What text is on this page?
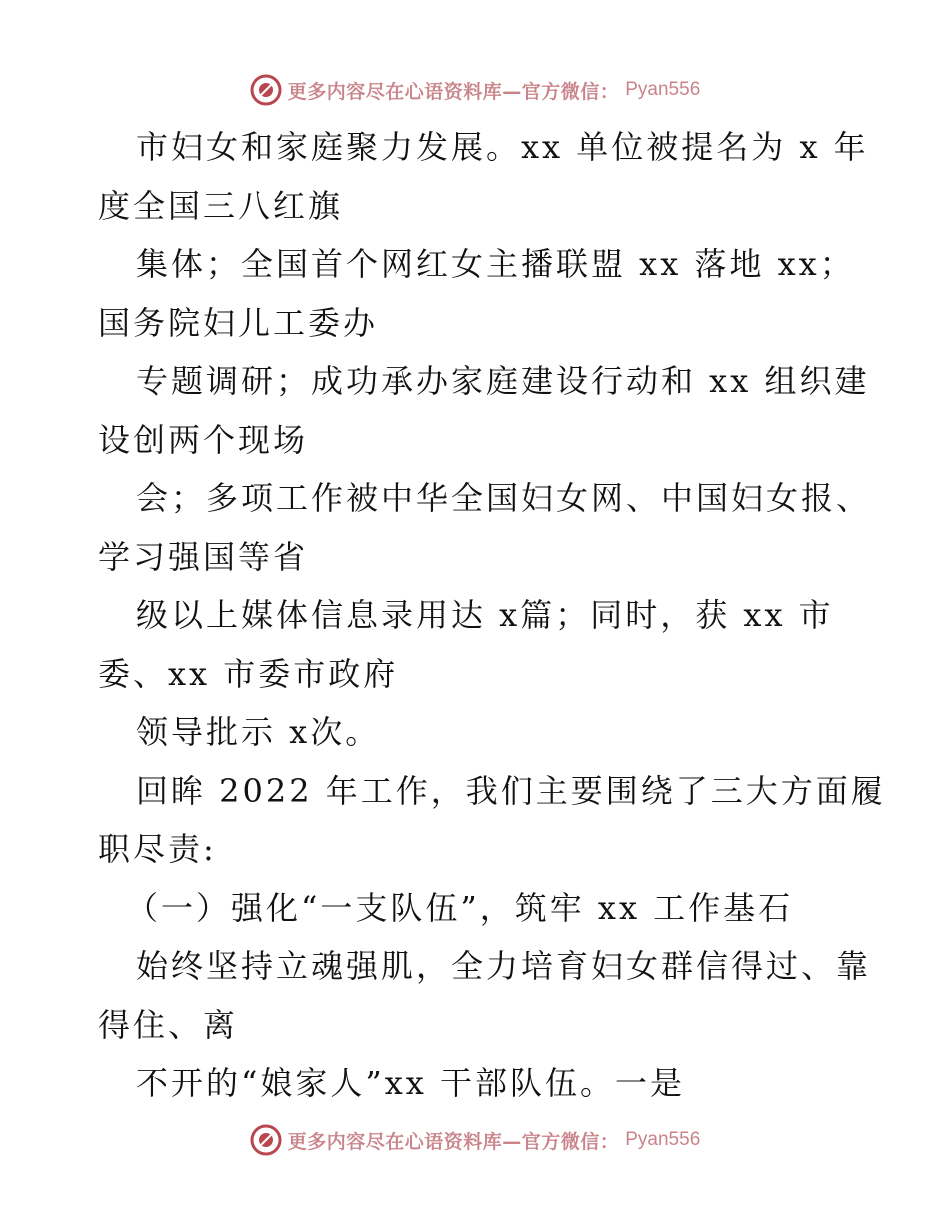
更多内容尽在心语资料库—官方微信： Pyan556
市妇女和家庭聚力发展。xx 单位被提名为 x 年
度全国三八红旗
集体；全国首个网红女主播联盟 xx 落地 xx；
国务院妇儿工委办
专题调研；成功承办家庭建设行动和 xx 组织建
设创两个现场
会；多项工作被中华全国妇女网、中国妇女报、
学习强国等省
级以上媒体信息录用达 x篇；同时，获 xx 市
委、xx 市委市政府
领导批示 x次。
回眸 2022 年工作，我们主要围绕了三大方面履
职尽责:
（一）强化“一支队伍”，筑牢 xx 工作基石
始终坚持立魂强肌，全力培育妇女群信得过、靠
得住、离
不开的“娘家人”xx 干部队伍。一是
更多内容尽在心语资料库—官方微信： Pyan556
